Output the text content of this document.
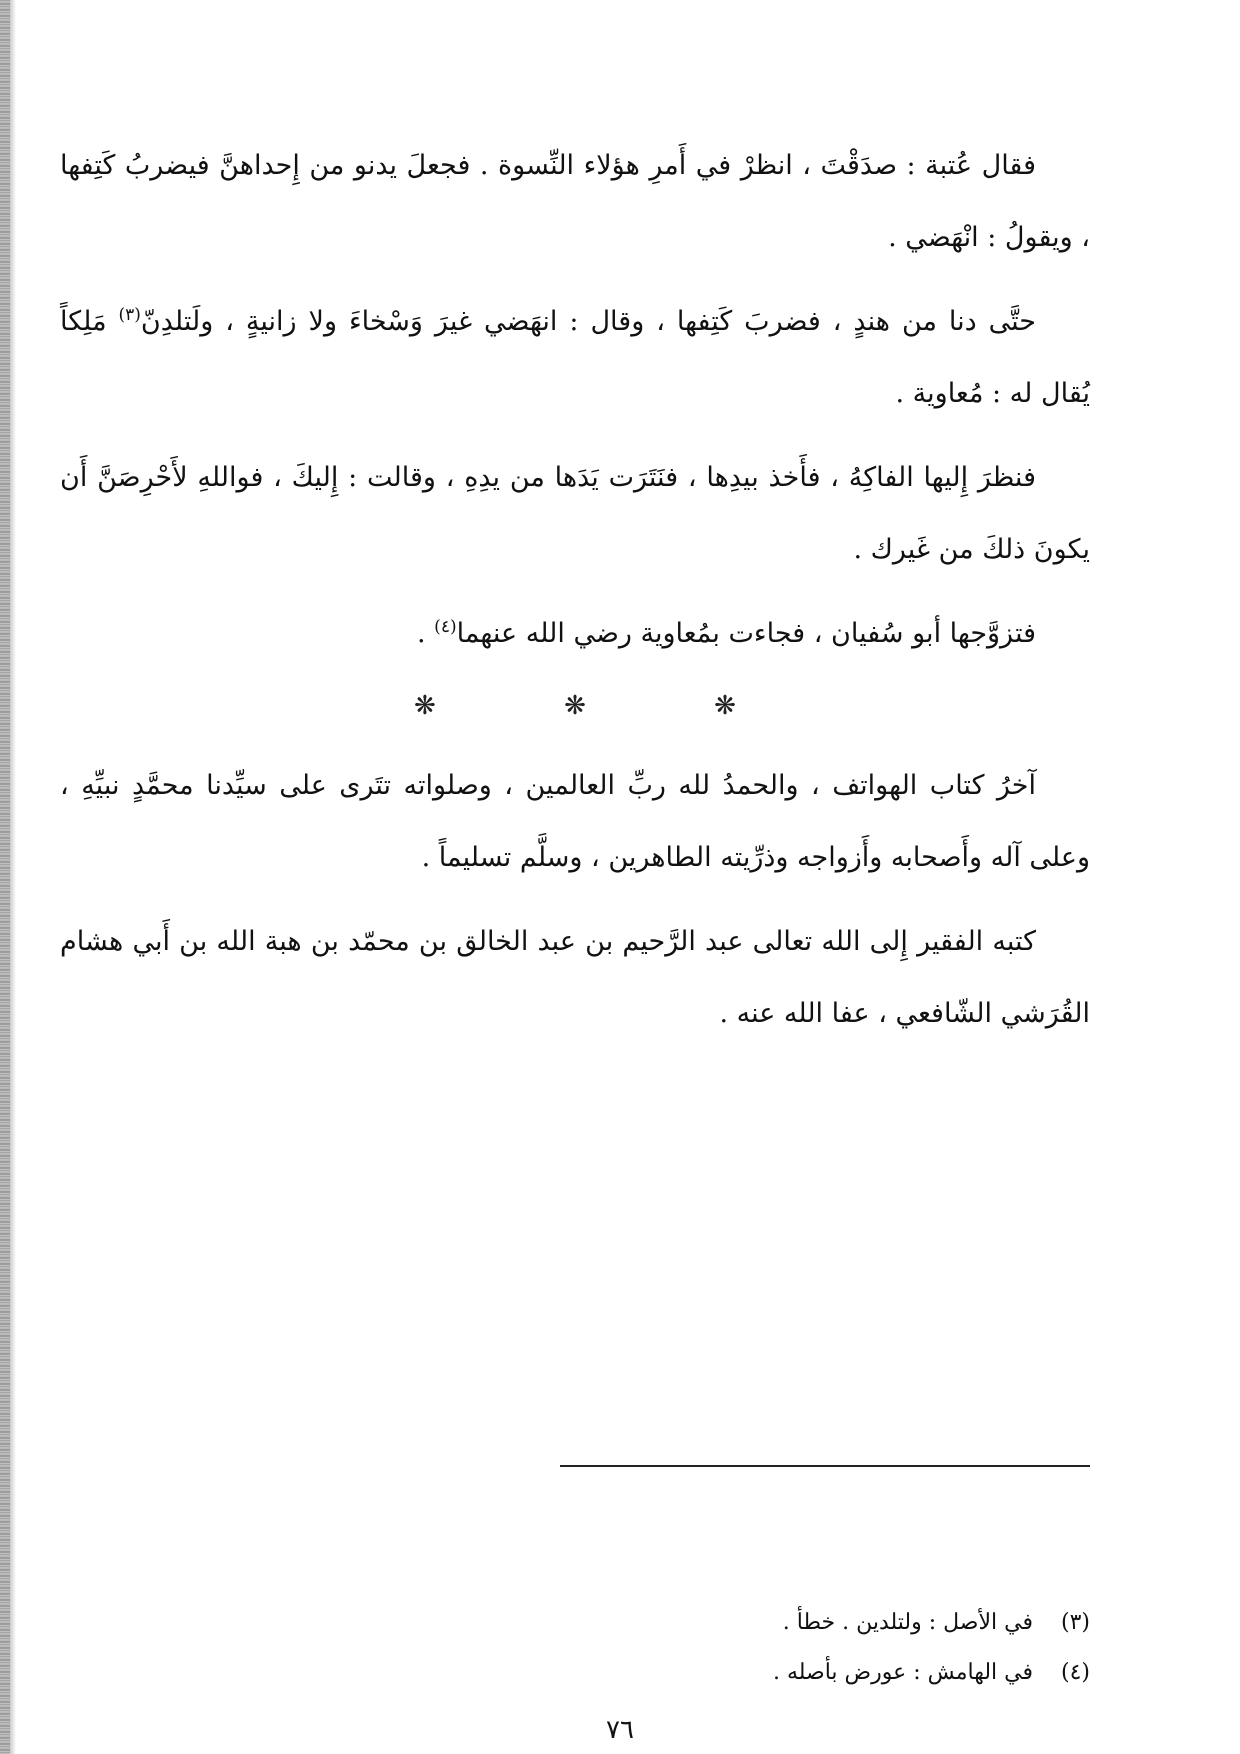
فقال عُتبة : صدَقْتَ ، انظرْ في أَمرِ هؤلاء النِّسوة . فجعلَ يدنو من إِحداهنَّ فيضربُ كَتِفها ، ويقولُ : انْهَضي .

حتَّى دنا من هندٍ ، فضربَ كَتِفها ، وقال : انهَضي غيرَ وَسْخاءَ ولا زانيةٍ ، ولَتلدِنّ$^{(٣)}$ مَلِكاً يُقال له : مُعاوية .

فنظرَ إِليها الفاكِهُ ، فأَخذ بيدِها ، فنَتَرَت يَدَها من يدِهِ ، وقالت : إِليكَ ، فواللهِ لأَحْرِصَنَّ أَن يكونَ ذلكَ من غَيرك .

فتزوَّجها أبو سُفيان ، فجاءت بمُعاوية رضي الله عنهما$^{(٤)}$ .

❋ ❋ ❋

آخرُ كتاب الهواتف ، والحمدُ لله ربِّ العالمين ، وصلواته تتَرى على سيِّدنا محمَّدٍ نبيِّهِ ، وعلى آله وأَصحابه وأَزواجه وذرِّيته الطاهرين ، وسلَّم تسليماً .

كتبه الفقير إِلى الله تعالى عبد الرَّحيم بن عبد الخالق بن محمّد بن هبة الله بن أَبي هشام القُرَشي الشّافعي ، عفا الله عنه .

(٣) في الأصل : ولتلدين . خطأ .
(٤) في الهامش : عورض بأصله .
٧٦
